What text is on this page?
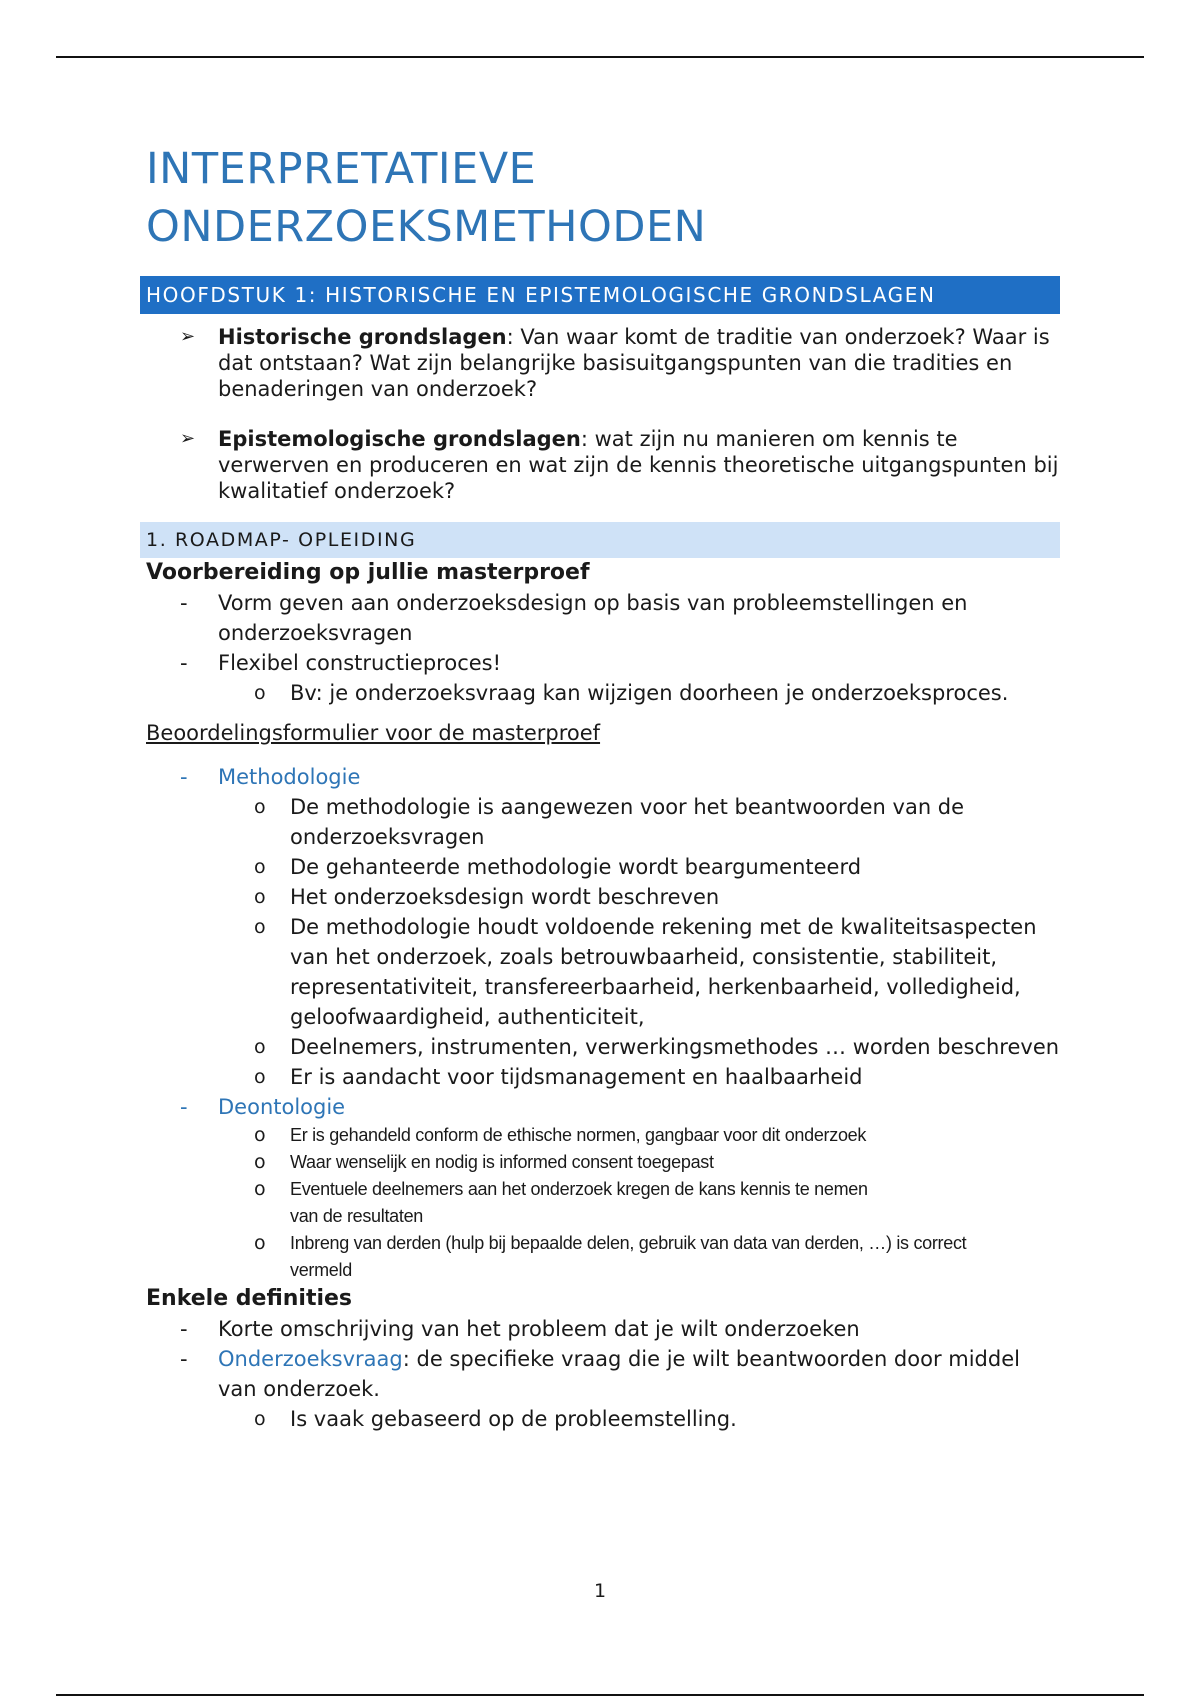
INTERPRETATIEVE
ONDERZOEKSMETHODEN
HOOFDSTUK 1: HISTORISCHE EN EPISTEMOLOGISCHE GRONDSLAGEN
➢ Historische grondslagen: Van waar komt de traditie van onderzoek? Waar is dat ontstaan? Wat zijn belangrijke basisuitgangspunten van die tradities en benaderingen van onderzoek?
➢ Epistemologische grondslagen: wat zijn nu manieren om kennis te verwerven en produceren en wat zijn de kennis theoretische uitgangspunten bij kwalitatief onderzoek?
1. ROADMAP- OPLEIDING
Voorbereiding op jullie masterproef
- Vorm geven aan onderzoeksdesign op basis van probleemstellingen en onderzoeksvragen
- Flexibel constructieproces!
o Bv: je onderzoeksvraag kan wijzigen doorheen je onderzoeksproces.
Beoordelingsformulier voor de masterproef
- Methodologie
o De methodologie is aangewezen voor het beantwoorden van de onderzoeksvragen
o De gehanteerde methodologie wordt beargumenteerd
o Het onderzoeksdesign wordt beschreven
o De methodologie houdt voldoende rekening met de kwaliteitsaspecten van het onderzoek, zoals betrouwbaarheid, consistentie, stabiliteit, representativiteit, transfereerbaarheid, herkenbaarheid, volledigheid, geloofwaardigheid, authenticiteit,
o Deelnemers, instrumenten, verwerkingsmethodes … worden beschreven
o Er is aandacht voor tijdsmanagement en haalbaarheid
- Deontologie
o Er is gehandeld conform de ethische normen, gangbaar voor dit onderzoek
o Waar wenselijk en nodig is informed consent toegepast
o Eventuele deelnemers aan het onderzoek kregen de kans kennis te nemen van de resultaten
o Inbreng van derden (hulp bij bepaalde delen, gebruik van data van derden, …) is correct vermeld
Enkele definities
- Korte omschrijving van het probleem dat je wilt onderzoeken
- Onderzoeksvraag: de specifieke vraag die je wilt beantwoorden door middel van onderzoek.
o Is vaak gebaseerd op de probleemstelling.
1
